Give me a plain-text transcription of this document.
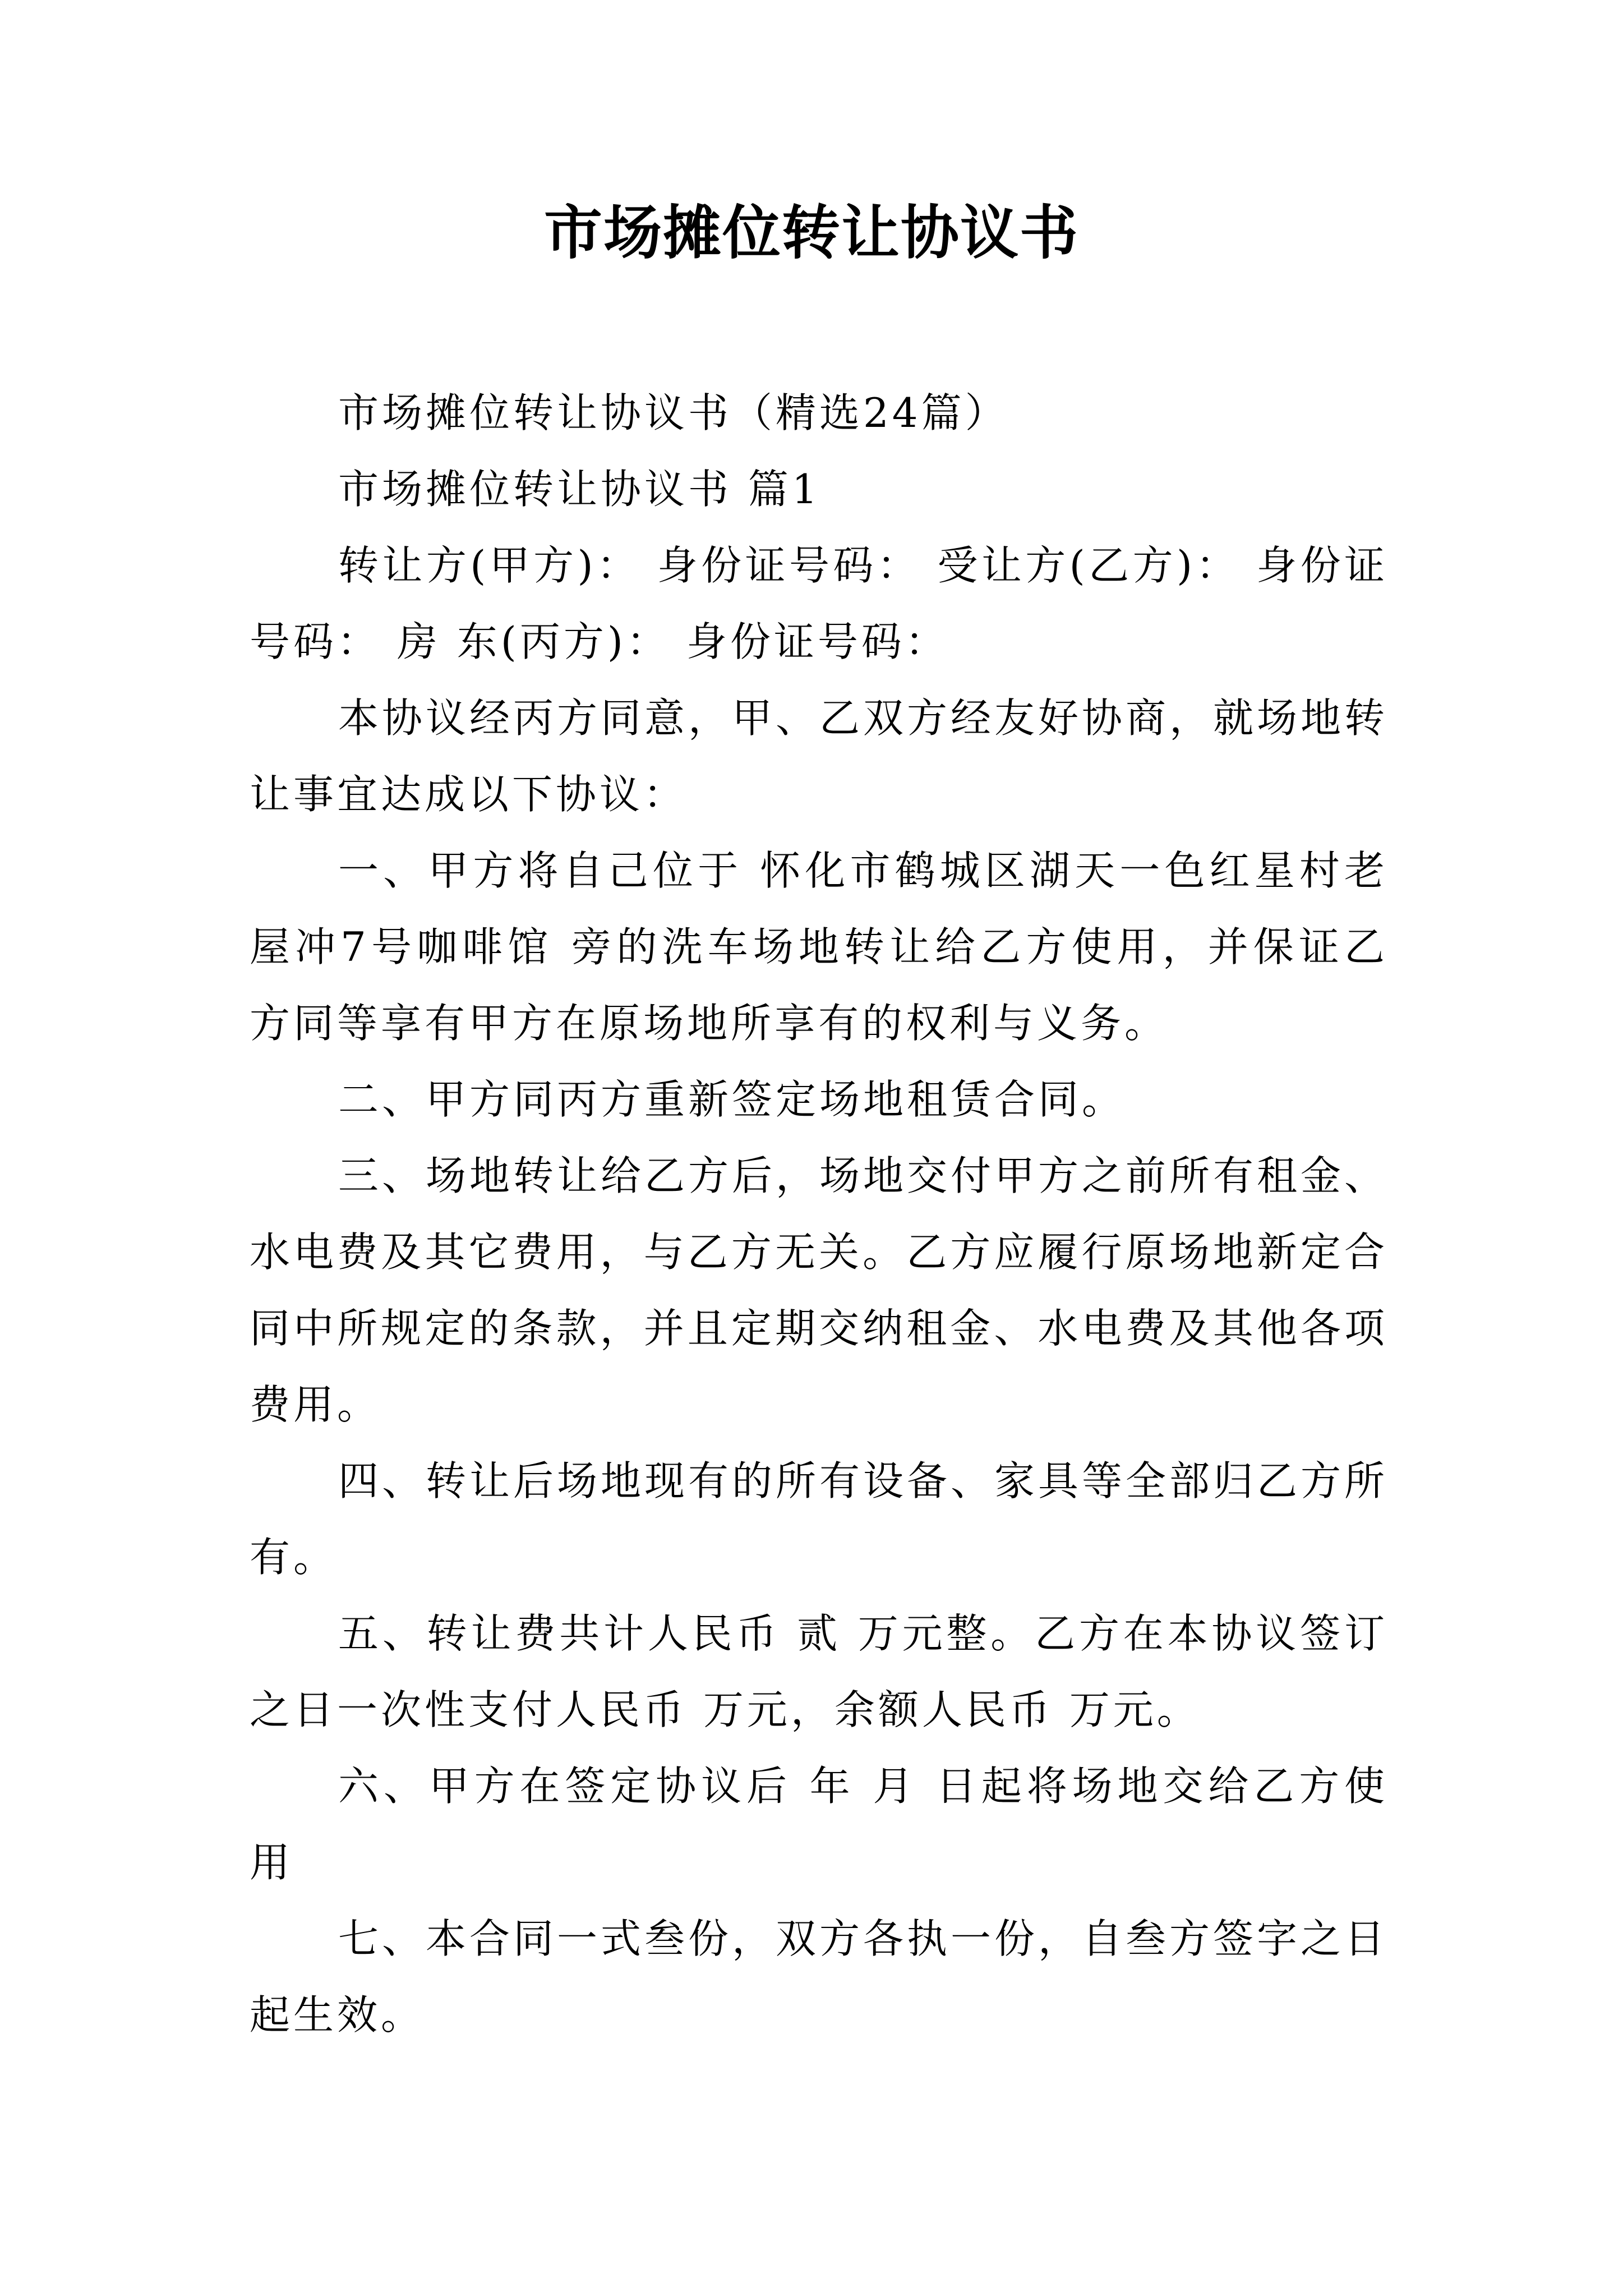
市场摊位转让协议书

市场摊位转让协议书（精选24篇）

市场摊位转让协议书 篇1

转让方(甲方)： 身份证号码： 受让方(乙方)： 身份证号码： 房 东(丙方)： 身份证号码：

本协议经丙方同意，甲、乙双方经友好协商，就场地转让事宜达成以下协议：

一、甲方将自己位于 怀化市鹤城区湖天一色红星村老屋冲7号咖啡馆 旁的洗车场地转让给乙方使用，并保证乙方同等享有甲方在原场地所享有的权利与义务。

二、甲方同丙方重新签定场地租赁合同。

三、场地转让给乙方后，场地交付甲方之前所有租金、水电费及其它费用，与乙方无关。乙方应履行原场地新定合同中所规定的条款，并且定期交纳租金、水电费及其他各项费用。

四、转让后场地现有的所有设备、家具等全部归乙方所有。

五、转让费共计人民币 贰 万元整。乙方在本协议签订之日一次性支付人民币 万元，余额人民币 万元。

六、甲方在签定协议后 年 月 日起将场地交给乙方使用

七、本合同一式叁份，双方各执一份，自叁方签字之日起生效。
